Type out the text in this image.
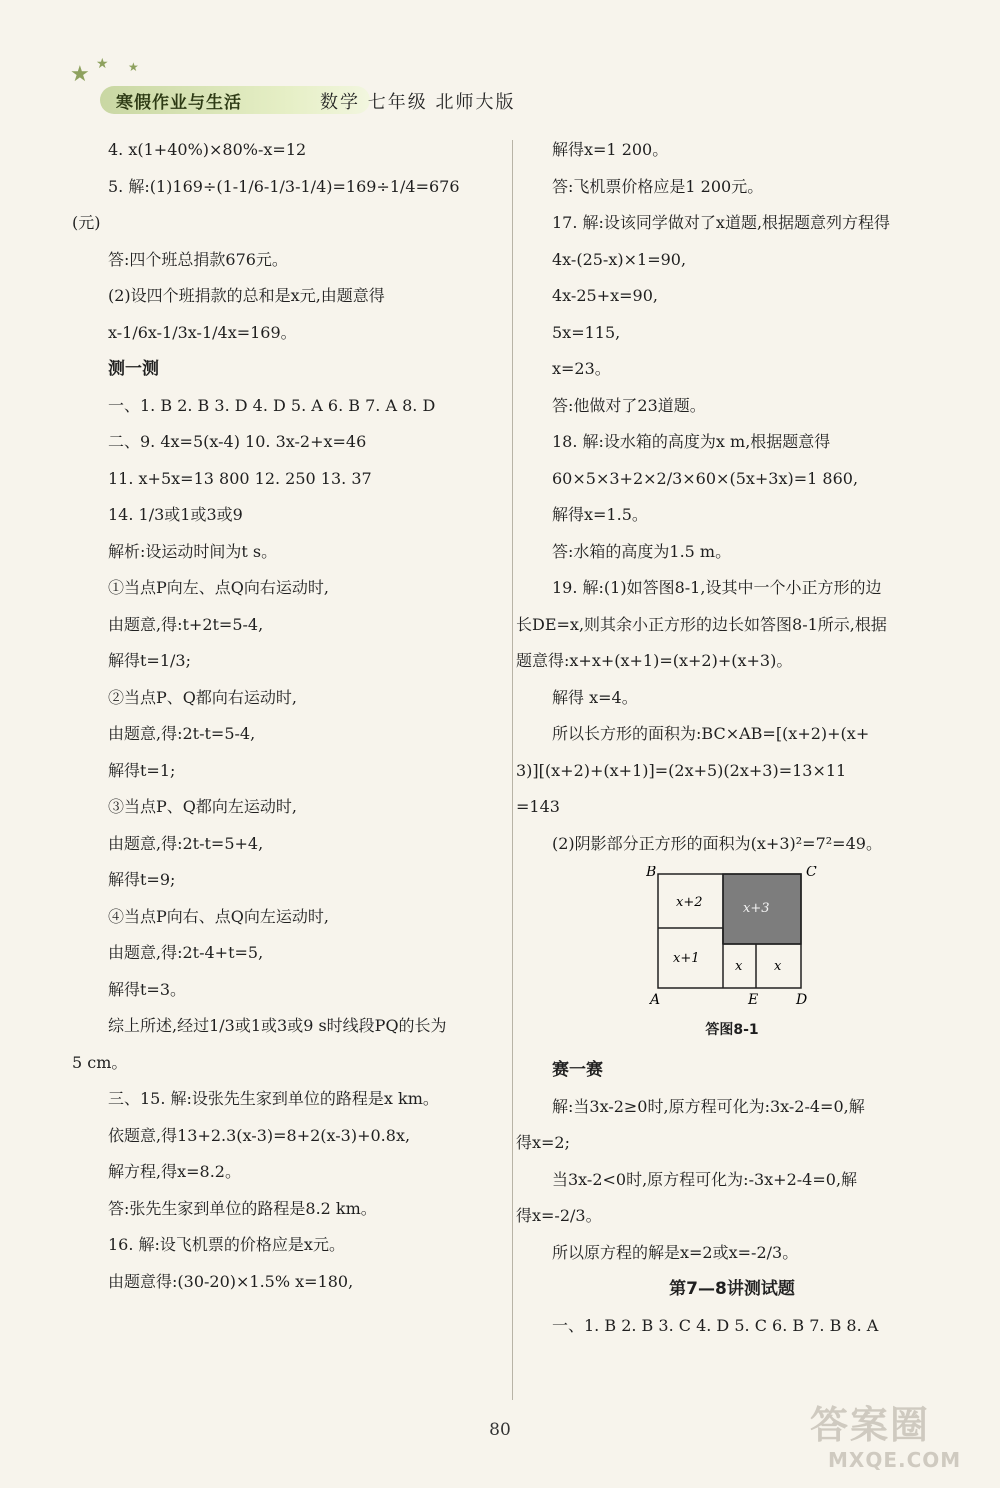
★ ★ ★
寒假作业与生活	数学 七年级 北师大版
4. x(1+40%)×80%-x=12
5. 解:(1)169÷(1-1/6-1/3-1/4)=169÷1/4=676
(元)
答:四个班总捐款676元。
(2)设四个班捐款的总和是x元,由题意得
x-1/6x-1/3x-1/4x=169。
测一测
一、1. B 2. B 3. D 4. D 5. A 6. B 7. A 8. D
二、9. 4x=5(x-4) 10. 3x-2+x=46
11. x+5x=13 800 12. 250 13. 37
14. 1/3或1或3或9
解析:设运动时间为t s。
①当点P向左、点Q向右运动时,
由题意,得:t+2t=5-4,
解得t=1/3;
②当点P、Q都向右运动时,
由题意,得:2t-t=5-4,
解得t=1;
③当点P、Q都向左运动时,
由题意,得:2t-t=5+4,
解得t=9;
④当点P向右、点Q向左运动时,
由题意,得:2t-4+t=5,
解得t=3。
综上所述,经过1/3或1或3或9 s时线段PQ的长为
5 cm。
三、15. 解:设张先生家到单位的路程是x km。
依题意,得13+2.3(x-3)=8+2(x-3)+0.8x,
解方程,得x=8.2。
答:张先生家到单位的路程是8.2 km。
16. 解:设飞机票的价格应是x元。
由题意得:(30-20)×1.5% x=180,
解得x=1 200。
答:飞机票价格应是1 200元。
17. 解:设该同学做对了x道题,根据题意列方程得
4x-(25-x)×1=90,
4x-25+x=90,
5x=115,
x=23。
答:他做对了23道题。
18. 解:设水箱的高度为x m,根据题意得
60×5×3+2×2/3×60×(5x+3x)=1 860,
解得x=1.5。
答:水箱的高度为1.5 m。
19. 解:(1)如答图8-1,设其中一个小正方形的边
长DE=x,则其余小正方形的边长如答图8-1所示,根据
题意得:x+x+(x+1)=(x+2)+(x+3)。
解得 x=4。
所以长方形的面积为:BC×AB=[(x+2)+(x+
3)][(x+2)+(x+1)]=(2x+5)(2x+3)=13×11
=143
(2)阴影部分正方形的面积为(x+3)²=7²=49。
B	C
A	E	D
x+2	x+3
x+1
x x
答图8-1
赛一赛
解:当3x-2≥0时,原方程可化为:3x-2-4=0,解
得x=2;
当3x-2<0时,原方程可化为:-3x+2-4=0,解
得x=-2/3。
所以原方程的解是x=2或x=-2/3。
第7—8讲测试题
一、1. B 2. B 3. C 4. D 5. C 6. B 7. B 8. A
80	答案圈
MXQE.COM
